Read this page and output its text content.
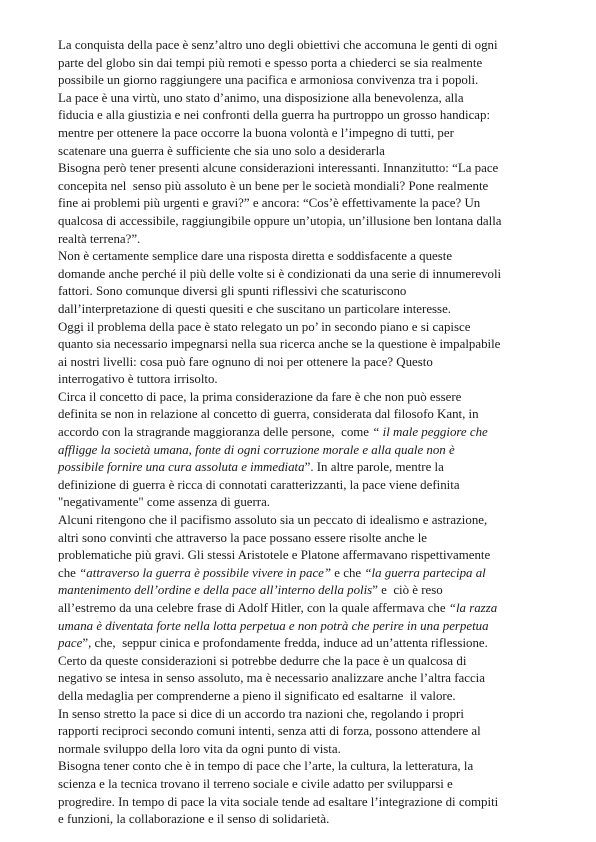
La conquista della pace è senz’altro uno degli obiettivi che accomuna le genti di ogni
parte del globo sin dai tempi più remoti e spesso porta a chiederci se sia realmente
possibile un giorno raggiungere una pacifica e armoniosa convivenza tra i popoli.
La pace è una virtù, uno stato d’animo, una disposizione alla benevolenza, alla
fiducia e alla giustizia e nei confronti della guerra ha purtroppo un grosso handicap:
mentre per ottenere la pace occorre la buona volontà e l’impegno di tutti, per
scatenare una guerra è sufficiente che sia uno solo a desiderarla
Bisogna però tener presenti alcune considerazioni interessanti. Innanzitutto: “La pace
concepita nel  senso più assoluto è un bene per le società mondiali? Pone realmente
fine ai problemi più urgenti e gravi?” e ancora: “Cos’è effettivamente la pace? Un
qualcosa di accessibile, raggiungibile oppure un’utopia, un’illusione ben lontana dalla
realtà terrena?”.
Non è certamente semplice dare una risposta diretta e soddisfacente a queste
domande anche perché il più delle volte si è condizionati da una serie di innumerevoli
fattori. Sono comunque diversi gli spunti riflessivi che scaturiscono
dall’interpretazione di questi quesiti e che suscitano un particolare interesse.
Oggi il problema della pace è stato relegato un po’ in secondo piano e si capisce
quanto sia necessario impegnarsi nella sua ricerca anche se la questione è impalpabile
ai nostri livelli: cosa può fare ognuno di noi per ottenere la pace? Questo
interrogativo è tuttora irrisolto.
Circa il concetto di pace, la prima considerazione da fare è che non può essere
definita se non in relazione al concetto di guerra, considerata dal filosofo Kant, in
accordo con la stragrande maggioranza delle persone,  come “ il male peggiore che
affligge la società umana, fonte di ogni corruzione morale e alla quale non è
possibile fornire una cura assoluta e immediata”. In altre parole, mentre la
definizione di guerra è ricca di connotati caratterizzanti, la pace viene definita
"negativamente" come assenza di guerra.
Alcuni ritengono che il pacifismo assoluto sia un peccato di idealismo e astrazione,
altri sono convinti che attraverso la pace possano essere risolte anche le
problematiche più gravi. Gli stessi Aristotele e Platone affermavano rispettivamente
che “attraverso la guerra è possibile vivere in pace” e che “la guerra partecipa al
mantenimento dell’ordine e della pace all’interno della polis” e  ciò è reso
all’estremo da una celebre frase di Adolf Hitler, con la quale affermava che “la razza
umana è diventata forte nella lotta perpetua e non potrà che perire in una perpetua
pace”, che,  seppur cinica e profondamente fredda, induce ad un’attenta riflessione.
Certo da queste considerazioni si potrebbe dedurre che la pace è un qualcosa di
negativo se intesa in senso assoluto, ma è necessario analizzare anche l’altra faccia
della medaglia per comprenderne a pieno il significato ed esaltarne  il valore.
In senso stretto la pace si dice di un accordo tra nazioni che, regolando i propri
rapporti reciproci secondo comuni intenti, senza atti di forza, possono attendere al
normale sviluppo della loro vita da ogni punto di vista.
Bisogna tener conto che è in tempo di pace che l’arte, la cultura, la letteratura, la
scienza e la tecnica trovano il terreno sociale e civile adatto per svilupparsi e
progredire. In tempo di pace la vita sociale tende ad esaltare l’integrazione di compiti
e funzioni, la collaborazione e il senso di solidarietà.
